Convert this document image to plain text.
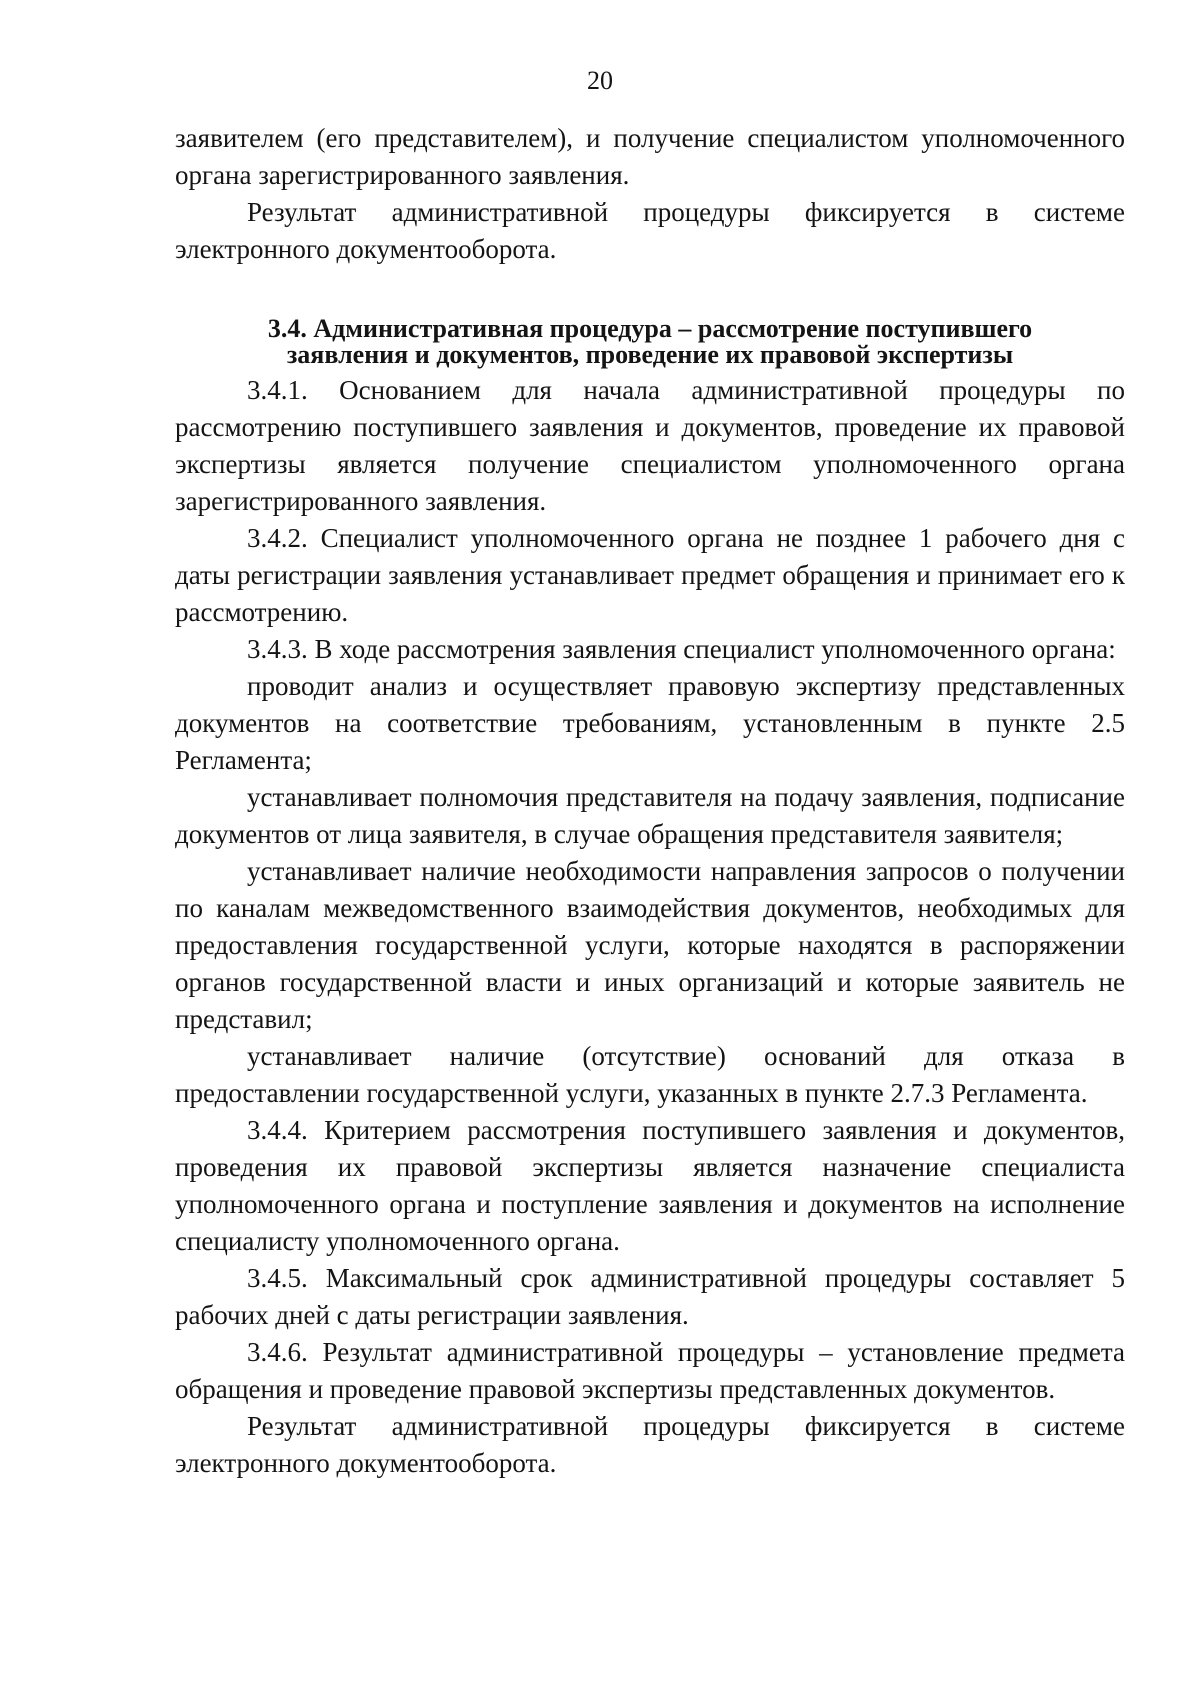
20

заявителем (его представителем), и получение специалистом уполномоченного органа зарегистрированного заявления.

Результат административной процедуры фиксируется в системе электронного документооборота.

3.4. Административная процедура – рассмотрение поступившего
заявления и документов, проведение их правовой экспертизы

3.4.1. Основанием для начала административной процедуры по рассмотрению поступившего заявления и документов, проведение их правовой экспертизы является получение специалистом уполномоченного органа зарегистрированного заявления.

3.4.2. Специалист уполномоченного органа не позднее 1 рабочего дня с даты регистрации заявления устанавливает предмет обращения и принимает его к рассмотрению.

3.4.3. В ходе рассмотрения заявления специалист уполномоченного органа:

проводит анализ и осуществляет правовую экспертизу представленных документов на соответствие требованиям, установленным в пункте 2.5 Регламента;

устанавливает полномочия представителя на подачу заявления, подписание документов от лица заявителя, в случае обращения представителя заявителя;

устанавливает наличие необходимости направления запросов о получении по каналам межведомственного взаимодействия документов, необходимых для предоставления государственной услуги, которые находятся в распоряжении органов государственной власти и иных организаций и которые заявитель не представил;

устанавливает наличие (отсутствие) оснований для отказа в предоставлении государственной услуги, указанных в пункте 2.7.3 Регламента.

3.4.4. Критерием рассмотрения поступившего заявления и документов, проведения их правовой экспертизы является назначение специалиста уполномоченного органа и поступление заявления и документов на исполнение специалисту уполномоченного органа.

3.4.5. Максимальный срок административной процедуры составляет 5 рабочих дней с даты регистрации заявления.

3.4.6. Результат административной процедуры – установление предмета обращения и проведение правовой экспертизы представленных документов.

Результат административной процедуры фиксируется в системе электронного документооборота.
